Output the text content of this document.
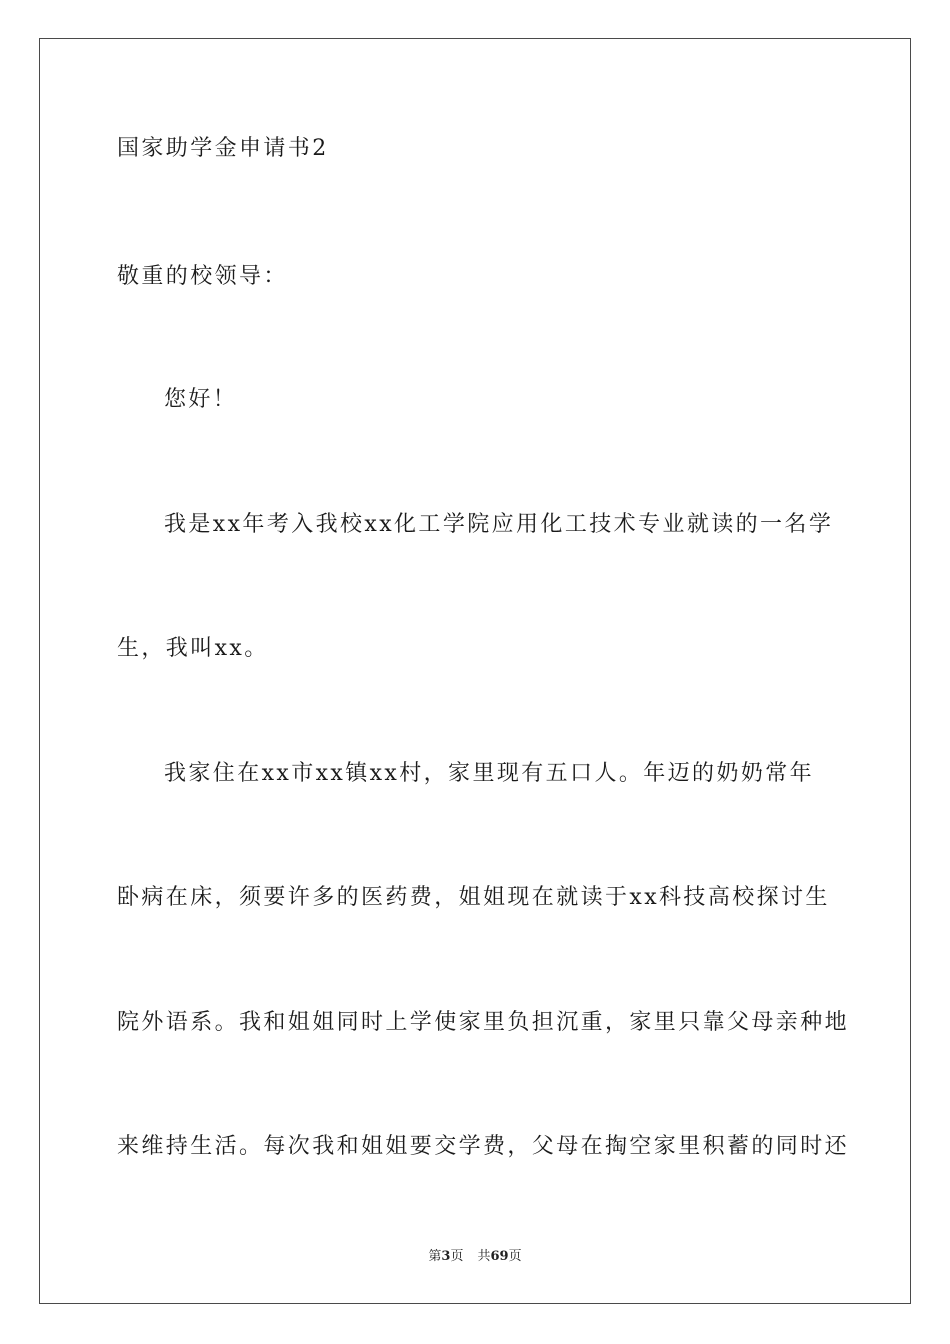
国家助学金申请书2
敬重的校领导：
您好！
我是xx年考入我校xx化工学院应用化工技术专业就读的一名学
生，我叫xx。
我家住在xx市xx镇xx村，家里现有五口人。年迈的奶奶常年
卧病在床，须要许多的医药费，姐姐现在就读于xx科技高校探讨生
院外语系。我和姐姐同时上学使家里负担沉重，家里只靠父母亲种地
来维持生活。每次我和姐姐要交学费，父母在掏空家里积蓄的同时还
第3页 共69页
